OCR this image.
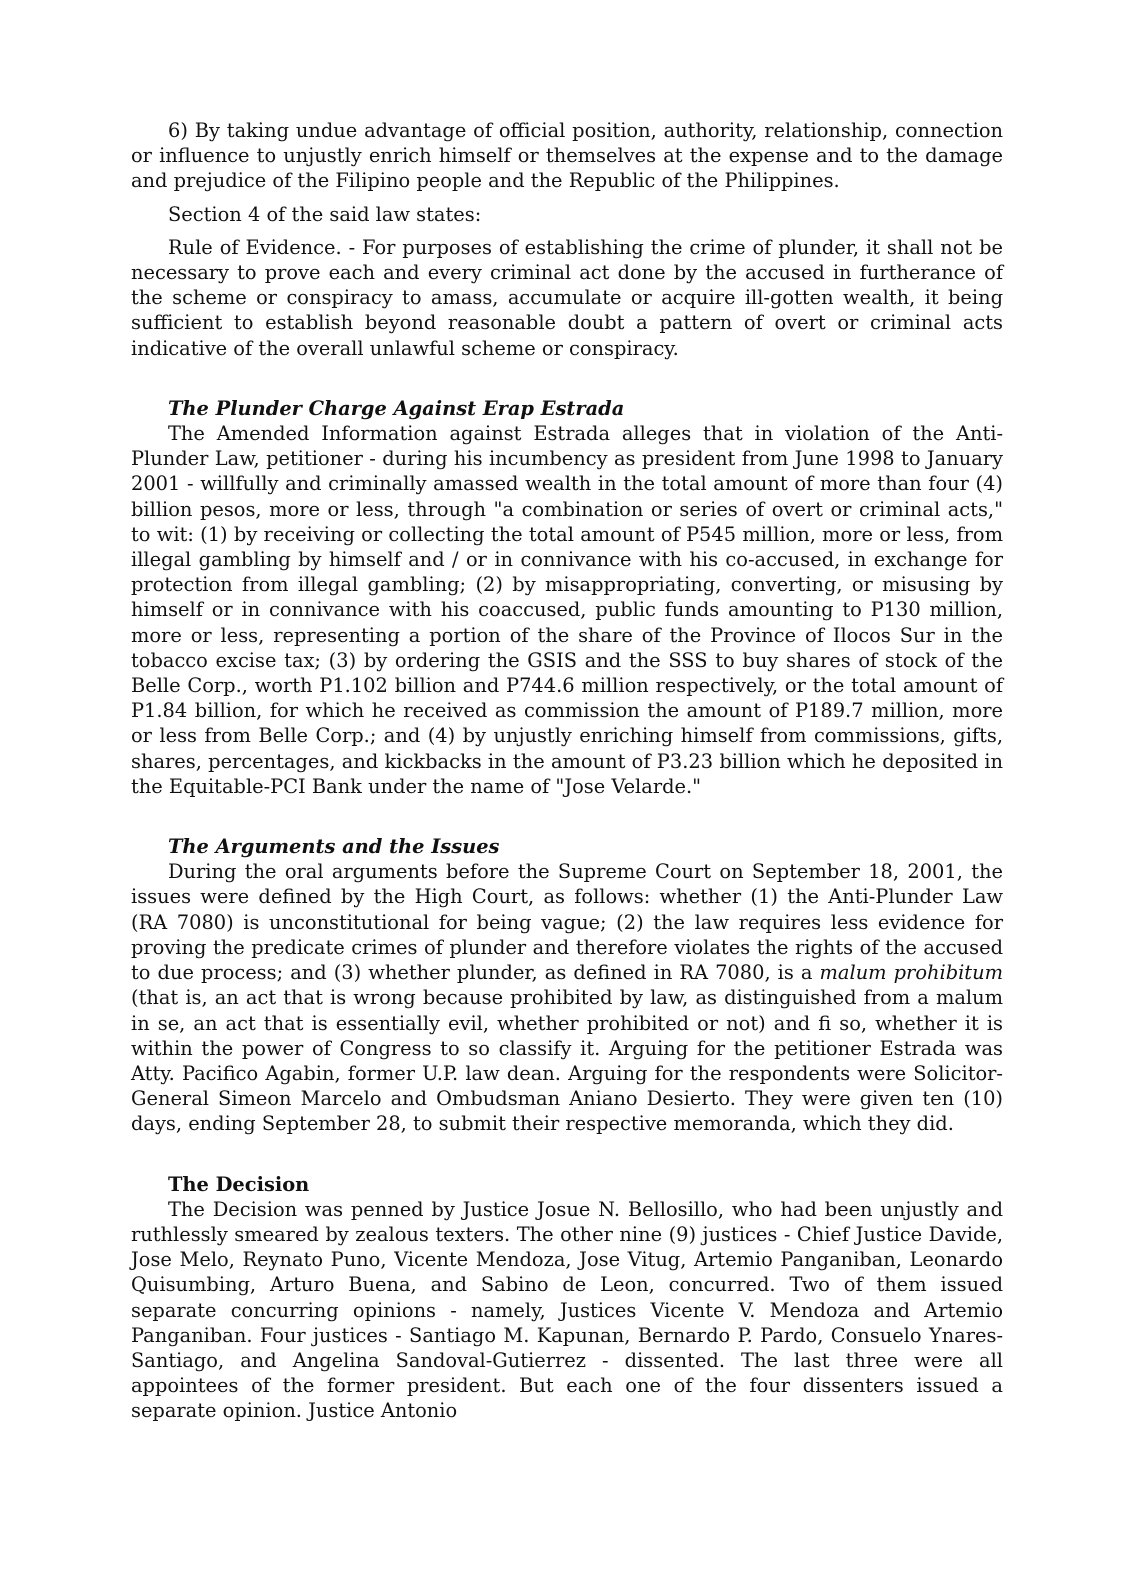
6) By taking undue advantage of official position, authority, relationship, connection or influence to unjustly enrich himself or themselves at the expense and to the damage and prejudice of the Filipino people and the Republic of the Philippines.

Section 4 of the said law states:

Rule of Evidence. - For purposes of establishing the crime of plunder, it shall not be necessary to prove each and every criminal act done by the accused in furtherance of the scheme or conspiracy to amass, accumulate or acquire ill-gotten wealth, it being sufficient to establish beyond reasonable doubt a pattern of overt or criminal acts indicative of the overall unlawful scheme or conspiracy.

The Plunder Charge Against Erap Estrada

The Amended Information against Estrada alleges that in violation of the Anti-Plunder Law, petitioner - during his incumbency as president from June 1998 to January 2001 - willfully and criminally amassed wealth in the total amount of more than four (4) billion pesos, more or less, through "a combination or series of overt or criminal acts," to wit: (1) by receiving or collecting the total amount of P545 million, more or less, from illegal gambling by himself and / or in connivance with his co-accused, in exchange for protection from illegal gambling; (2) by misappropriating, converting, or misusing by himself or in connivance with his coaccused, public funds amounting to P130 million, more or less, representing a portion of the share of the Province of Ilocos Sur in the tobacco excise tax; (3) by ordering the GSIS and the SSS to buy shares of stock of the Belle Corp., worth P1.102 billion and P744.6 million respectively, or the total amount of P1.84 billion, for which he received as commission the amount of P189.7 million, more or less from Belle Corp.; and (4) by unjustly enriching himself from commissions, gifts, shares, percentages, and kickbacks in the amount of P3.23 billion which he deposited in the Equitable-PCI Bank under the name of "Jose Velarde."

The Arguments and the Issues

During the oral arguments before the Supreme Court on September 18, 2001, the issues were defined by the High Court, as follows: whether (1) the Anti-Plunder Law (RA 7080) is unconstitutional for being vague; (2) the law requires less evidence for proving the predicate crimes of plunder and therefore violates the rights of the accused to due process; and (3) whether plunder, as defined in RA 7080, is a malum prohibitum (that is, an act that is wrong because prohibited by law, as distinguished from a malum in se, an act that is essentially evil, whether prohibited or not) and fi so, whether it is within the power of Congress to so classify it. Arguing for the petitioner Estrada was Atty. Pacifico Agabin, former U.P. law dean. Arguing for the respondents were Solicitor-General Simeon Marcelo and Ombudsman Aniano Desierto. They were given ten (10) days, ending September 28, to submit their respective memoranda, which they did.

The Decision

The Decision was penned by Justice Josue N. Bellosillo, who had been unjustly and ruthlessly smeared by zealous texters. The other nine (9) justices - Chief Justice Davide, Jose Melo, Reynato Puno, Vicente Mendoza, Jose Vitug, Artemio Panganiban, Leonardo Quisumbing, Arturo Buena, and Sabino de Leon, concurred. Two of them issued separate concurring opinions - namely, Justices Vicente V. Mendoza and Artemio Panganiban. Four justices - Santiago M. Kapunan, Bernardo P. Pardo, Consuelo Ynares-Santiago, and Angelina Sandoval-Gutierrez - dissented. The last three were all appointees of the former president. But each one of the four dissenters issued a separate opinion. Justice Antonio
